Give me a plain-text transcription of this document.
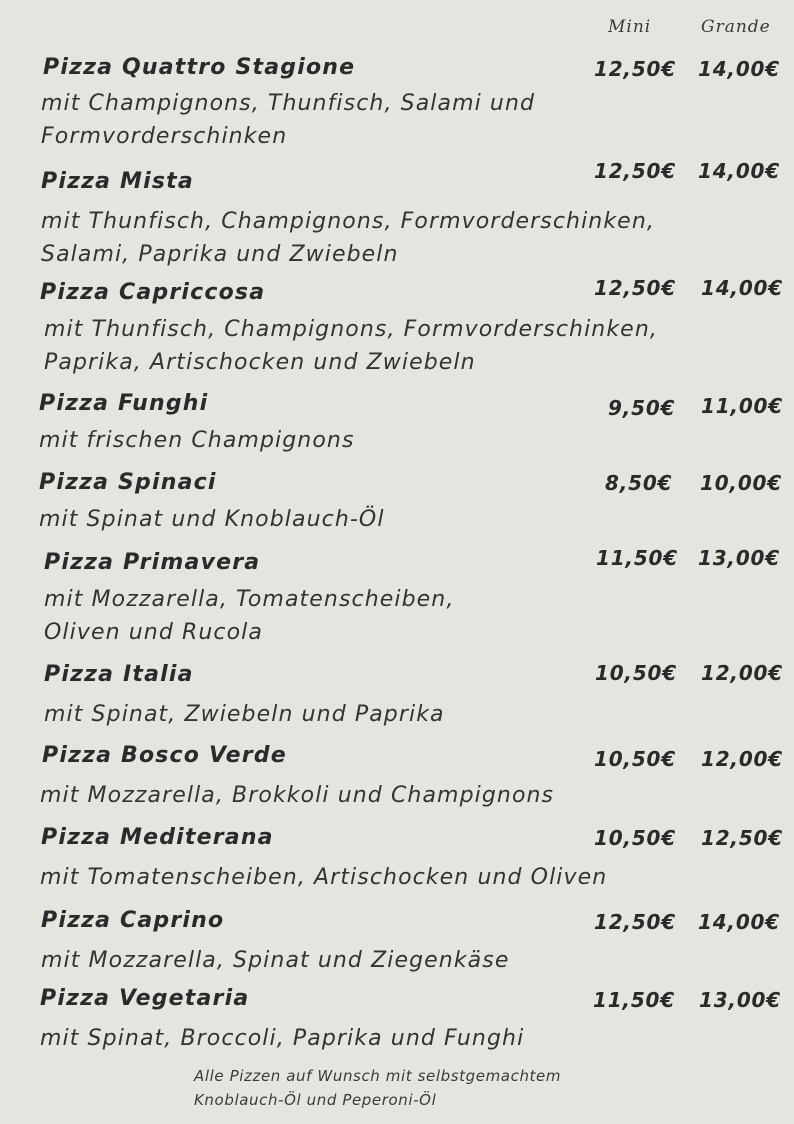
Mini	Grande
Pizza Quattro Stagione	12,50€ 14,00€
mit Champignons, Thunfisch, Salami und
Formvorderschinken
Pizza Mista	12,50€ 14,00€
mit Thunfisch, Champignons, Formvorderschinken,
Salami, Paprika und Zwiebeln
Pizza Capriccosa	12,50€ 14,00€
mit Thunfisch, Champignons, Formvorderschinken,
Paprika, Artischocken und Zwiebeln
Pizza Funghi	9,50€ 11,00€
mit frischen Champignons
Pizza Spinaci	8,50€ 10,00€
mit Spinat und Knoblauch-Öl
Pizza Primavera	11,50€ 13,00€
mit Mozzarella, Tomatenscheiben,
Oliven und Rucola
Pizza Italia	10,50€ 12,00€
mit Spinat, Zwiebeln und Paprika
Pizza Bosco Verde	10,50€ 12,00€
mit Mozzarella, Brokkoli und Champignons
Pizza Mediterana	10,50€ 12,50€
mit Tomatenscheiben, Artischocken und Oliven
Pizza Caprino	12,50€ 14,00€
mit Mozzarella, Spinat und Ziegenkäse
Pizza Vegetaria	11,50€ 13,00€
mit Spinat, Broccoli, Paprika und Funghi
Alle Pizzen auf Wunsch mit selbstgemachtem
Knoblauch-Öl und Peperoni-Öl
